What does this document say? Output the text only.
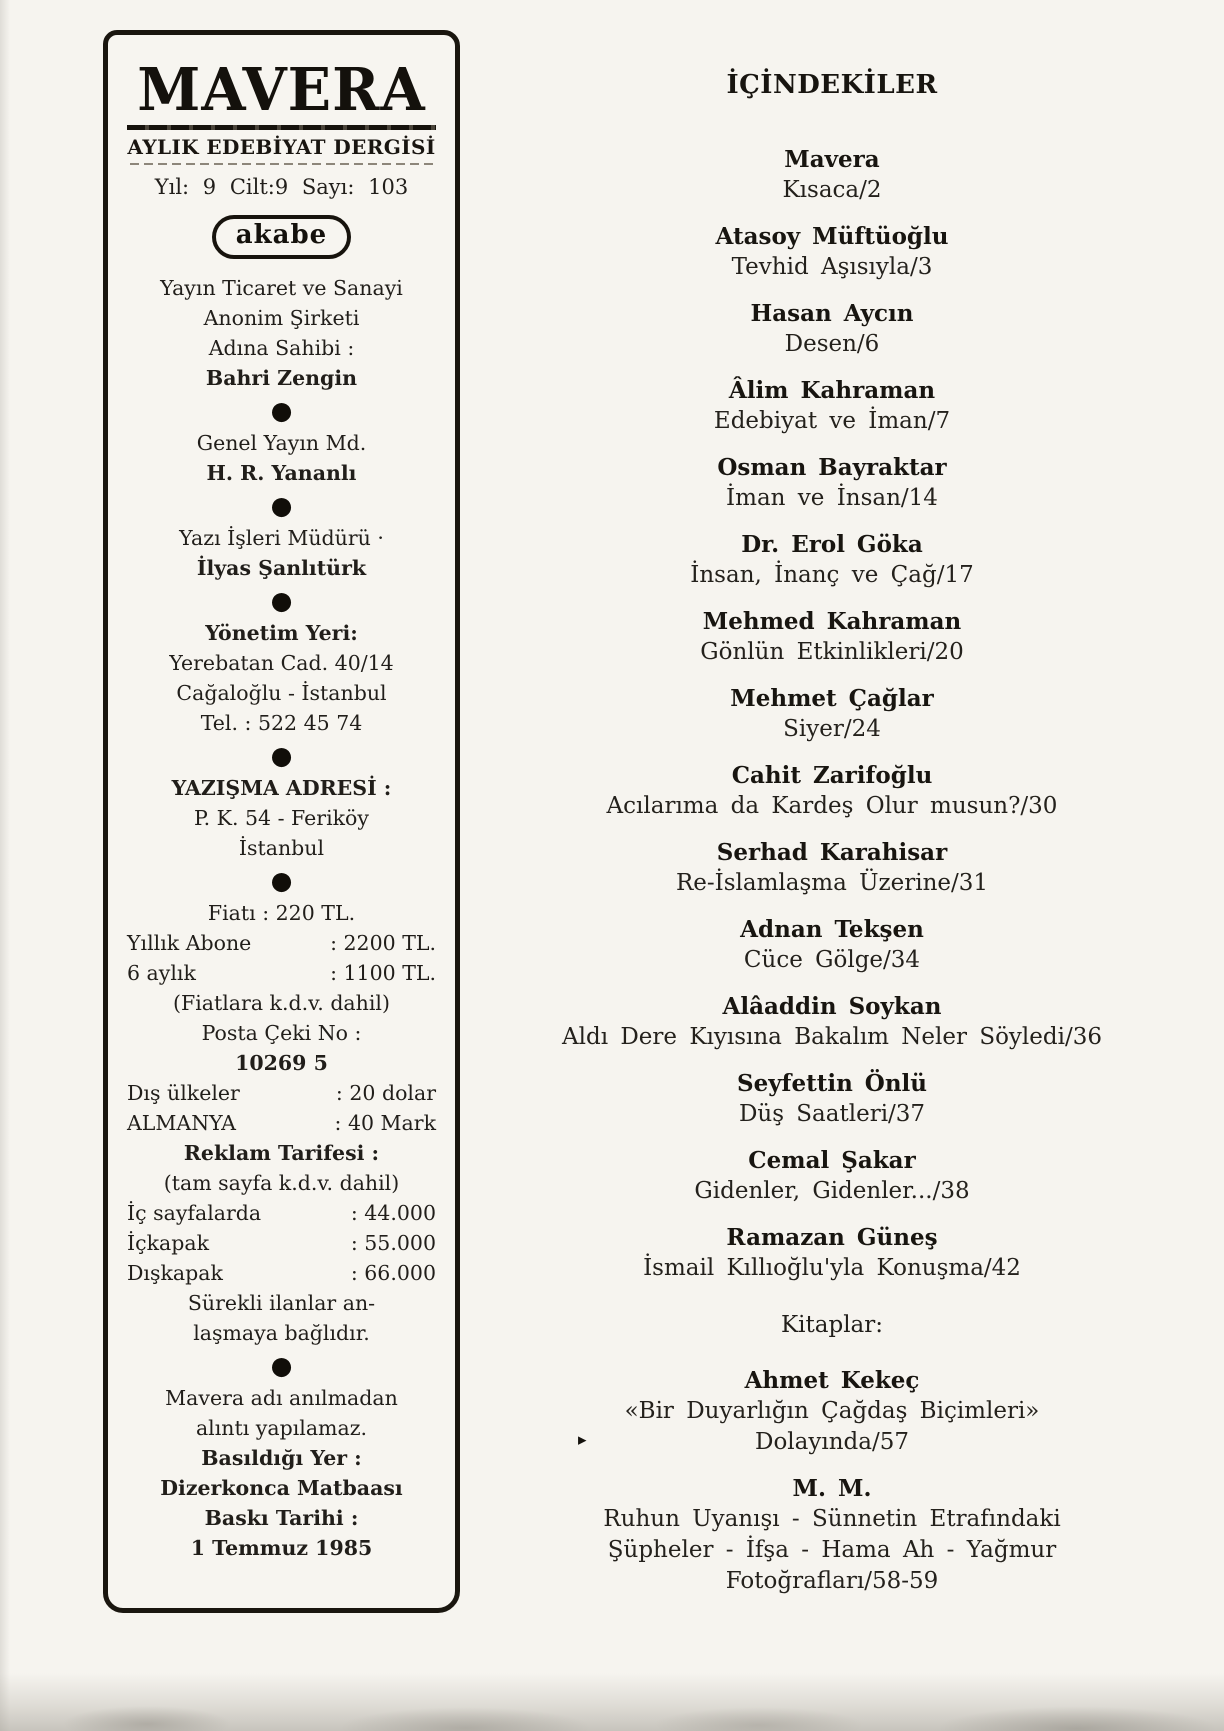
MAVERA
AYLIK EDEBİYAT DERGİSİ
Yıl: 9 Cilt:9 Sayı: 103
akabe
Yayın Ticaret ve Sanayi
Anonim Şirketi
Adına Sahibi :
Bahri Zengin
●
Genel Yayın Md.
H. R. Yananlı
●
Yazı İşleri Müdürü ·
İlyas Şanlıtürk
●
Yönetim Yeri:
Yerebatan Cad. 40/14
Cağaloğlu - İstanbul
Tel. : 522 45 74
●
YAZIŞMA ADRESİ :
P. K. 54 - Feriköy
İstanbul
●
Fiatı : 220 TL.
Yıllık Abone	: 2200 TL.
6 aylık	: 1100 TL.
(Fiatlara k.d.v. dahil)
Posta Çeki No :
10269 5
Dış ülkeler	: 20 dolar
ALMANYA	: 40 Mark
Reklam Tarifesi :
(tam sayfa k.d.v. dahil)
İç sayfalarda	: 44.000
İçkapak	: 55.000
Dışkapak	: 66.000
Sürekli ilanlar an-
laşmaya bağlıdır.
●
Mavera adı anılmadan
alıntı yapılamaz.
Basıldığı Yer :
Dizerkonca Matbaası
Baskı Tarihi :
1 Temmuz 1985
İÇİNDEKİLER
Mavera
Kısaca/2
Atasoy Müftüoğlu
Tevhid Aşısıyla/3
Hasan Aycın
Desen/6
Âlim Kahraman
Edebiyat ve İman/7
Osman Bayraktar
İman ve İnsan/14
Dr. Erol Göka
İnsan, İnanç ve Çağ/17
Mehmed Kahraman
Gönlün Etkinlikleri/20
Mehmet Çağlar
Siyer/24
Cahit Zarifoğlu
Acılarıma da Kardeş Olur musun?/30
Serhad Karahisar
Re-İslamlaşma Üzerine/31
Adnan Tekşen
Cüce Gölge/34
Alâaddin Soykan
Aldı Dere Kıyısına Bakalım Neler Söyledi/36
Seyfettin Önlü
Düş Saatleri/37
Cemal Şakar
Gidenler, Gidenler.../38
Ramazan Güneş
İsmail Kıllıoğlu'yla Konuşma/42
Kitaplar:
Ahmet Kekeç
«Bir Duyarlığın Çağdaş Biçimleri»
Dolayında/57
▸
M. M.
Ruhun Uyanışı - Sünnetin Etrafındaki
Şüpheler - İfşa - Hama Ah - Yağmur
Fotoğrafları/58-59
